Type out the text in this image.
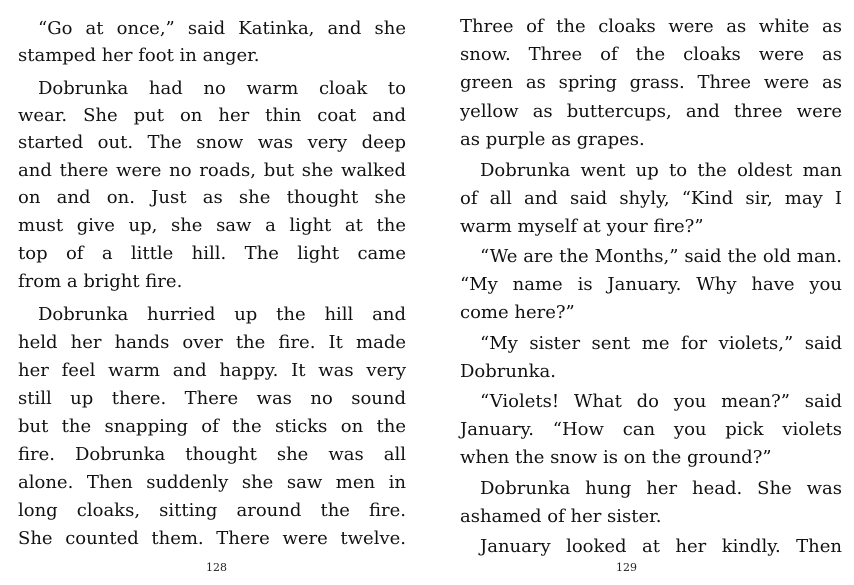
“Go at once,” said Katinka, and she
stamped her foot in anger.
Dobrunka had no warm cloak to
wear. She put on her thin coat and
started out. The snow was very deep
and there were no roads, but she walked
on and on. Just as she thought she
must give up, she saw a light at the
top of a little hill. The light came
from a bright fire.
Dobrunka hurried up the hill and
held her hands over the fire. It made
her feel warm and happy. It was very
still up there. There was no sound
but the snapping of the sticks on the
fire. Dobrunka thought she was all
alone. Then suddenly she saw men in
long cloaks, sitting around the fire.
She counted them. There were twelve.
128
Three of the cloaks were as white as
snow. Three of the cloaks were as
green as spring grass. Three were as
yellow as buttercups, and three were
as purple as grapes.
Dobrunka went up to the oldest man
of all and said shyly, “Kind sir, may I
warm myself at your fire?”
“We are the Months,” said the old man.
“My name is January. Why have you
come here?”
“My sister sent me for violets,” said
Dobrunka.
“Violets! What do you mean?” said
January. “How can you pick violets
when the snow is on the ground?”
Dobrunka hung her head. She was
ashamed of her sister.
January looked at her kindly. Then
129
